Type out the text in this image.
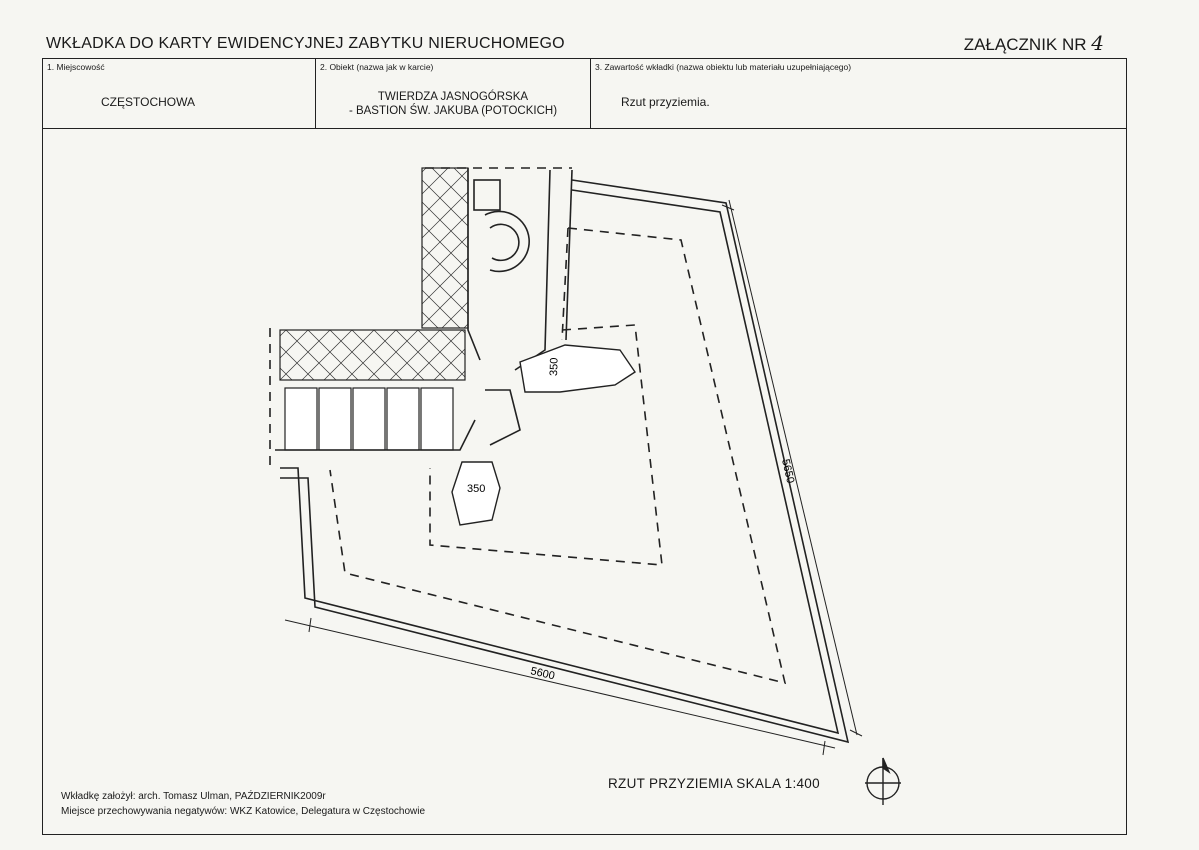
WKŁADKA DO KARTY EWIDENCYJNEJ ZABYTKU NIERUCHOMEGO	ZAŁĄCZNIK NR 4
1. Miejscowość
CZĘSTOCHOWA
2. Obiekt (nazwa jak w karcie)
TWIERDZA JASNOGÓRSKA
- BASTION ŚW. JAKUBA (POTOCKICH)
3. Zawartość wkładki (nazwa obiektu lub materiału uzupełniającego)
Rzut przyziemia.
350
350
5650
5600
RZUT PRZYZIEMIA SKALA 1:400
Wkładkę założył: arch. Tomasz Ulman, PAŹDZIERNIK2009r
Miejsce przechowywania negatywów: WKZ Katowice, Delegatura w Częstochowie
